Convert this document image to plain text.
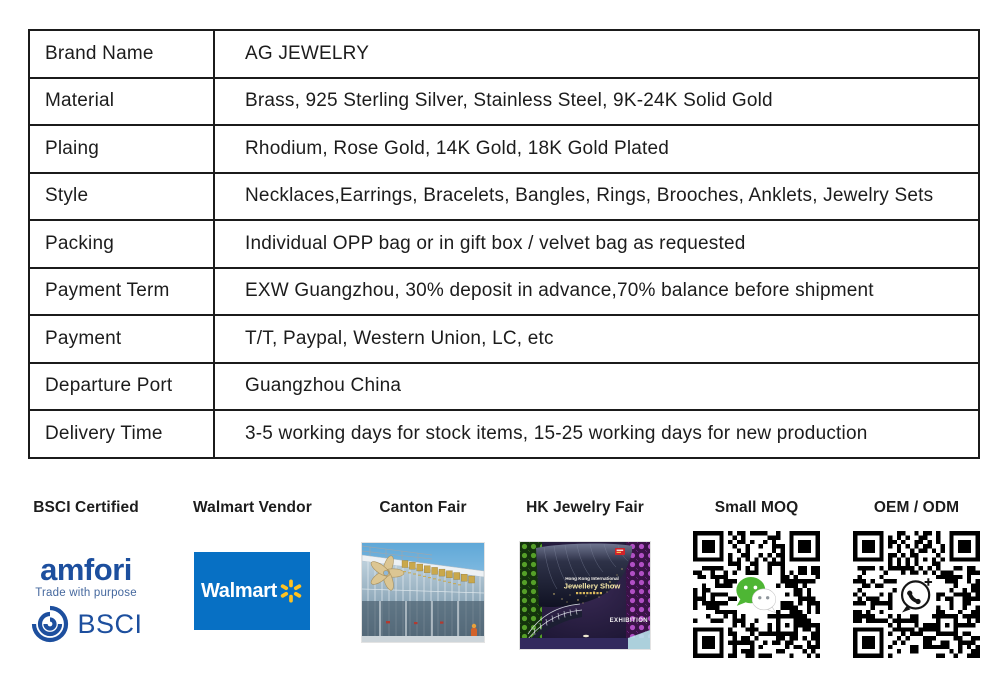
Brand Name	AG JEWELRY
Material	Brass, 925 Sterling Silver, Stainless Steel, 9K-24K Solid Gold
Plaing	Rhodium, Rose Gold, 14K Gold, 18K Gold Plated
Style	Necklaces,Earrings, Bracelets, Bangles, Rings, Brooches, Anklets, Jewelry Sets
Packing	Individual OPP bag or in gift box / velvet bag as requested
Payment Term	EXW Guangzhou, 30% deposit in advance,70% balance before shipment
Payment	T/T, Paypal, Western Union, LC, etc
Departure Port	Guangzhou China
Delivery Time	3-5 working days for stock items, 15-25 working days for new production
BSCI Certified
amfori
Trade with purpose
BSCI
Walmart Vendor
Walmart
Canton Fair	HK Jewelry Fair
Hong Kong International
Jewellery Show
EXHIBITION
Small MOQ	OEM / ODM
